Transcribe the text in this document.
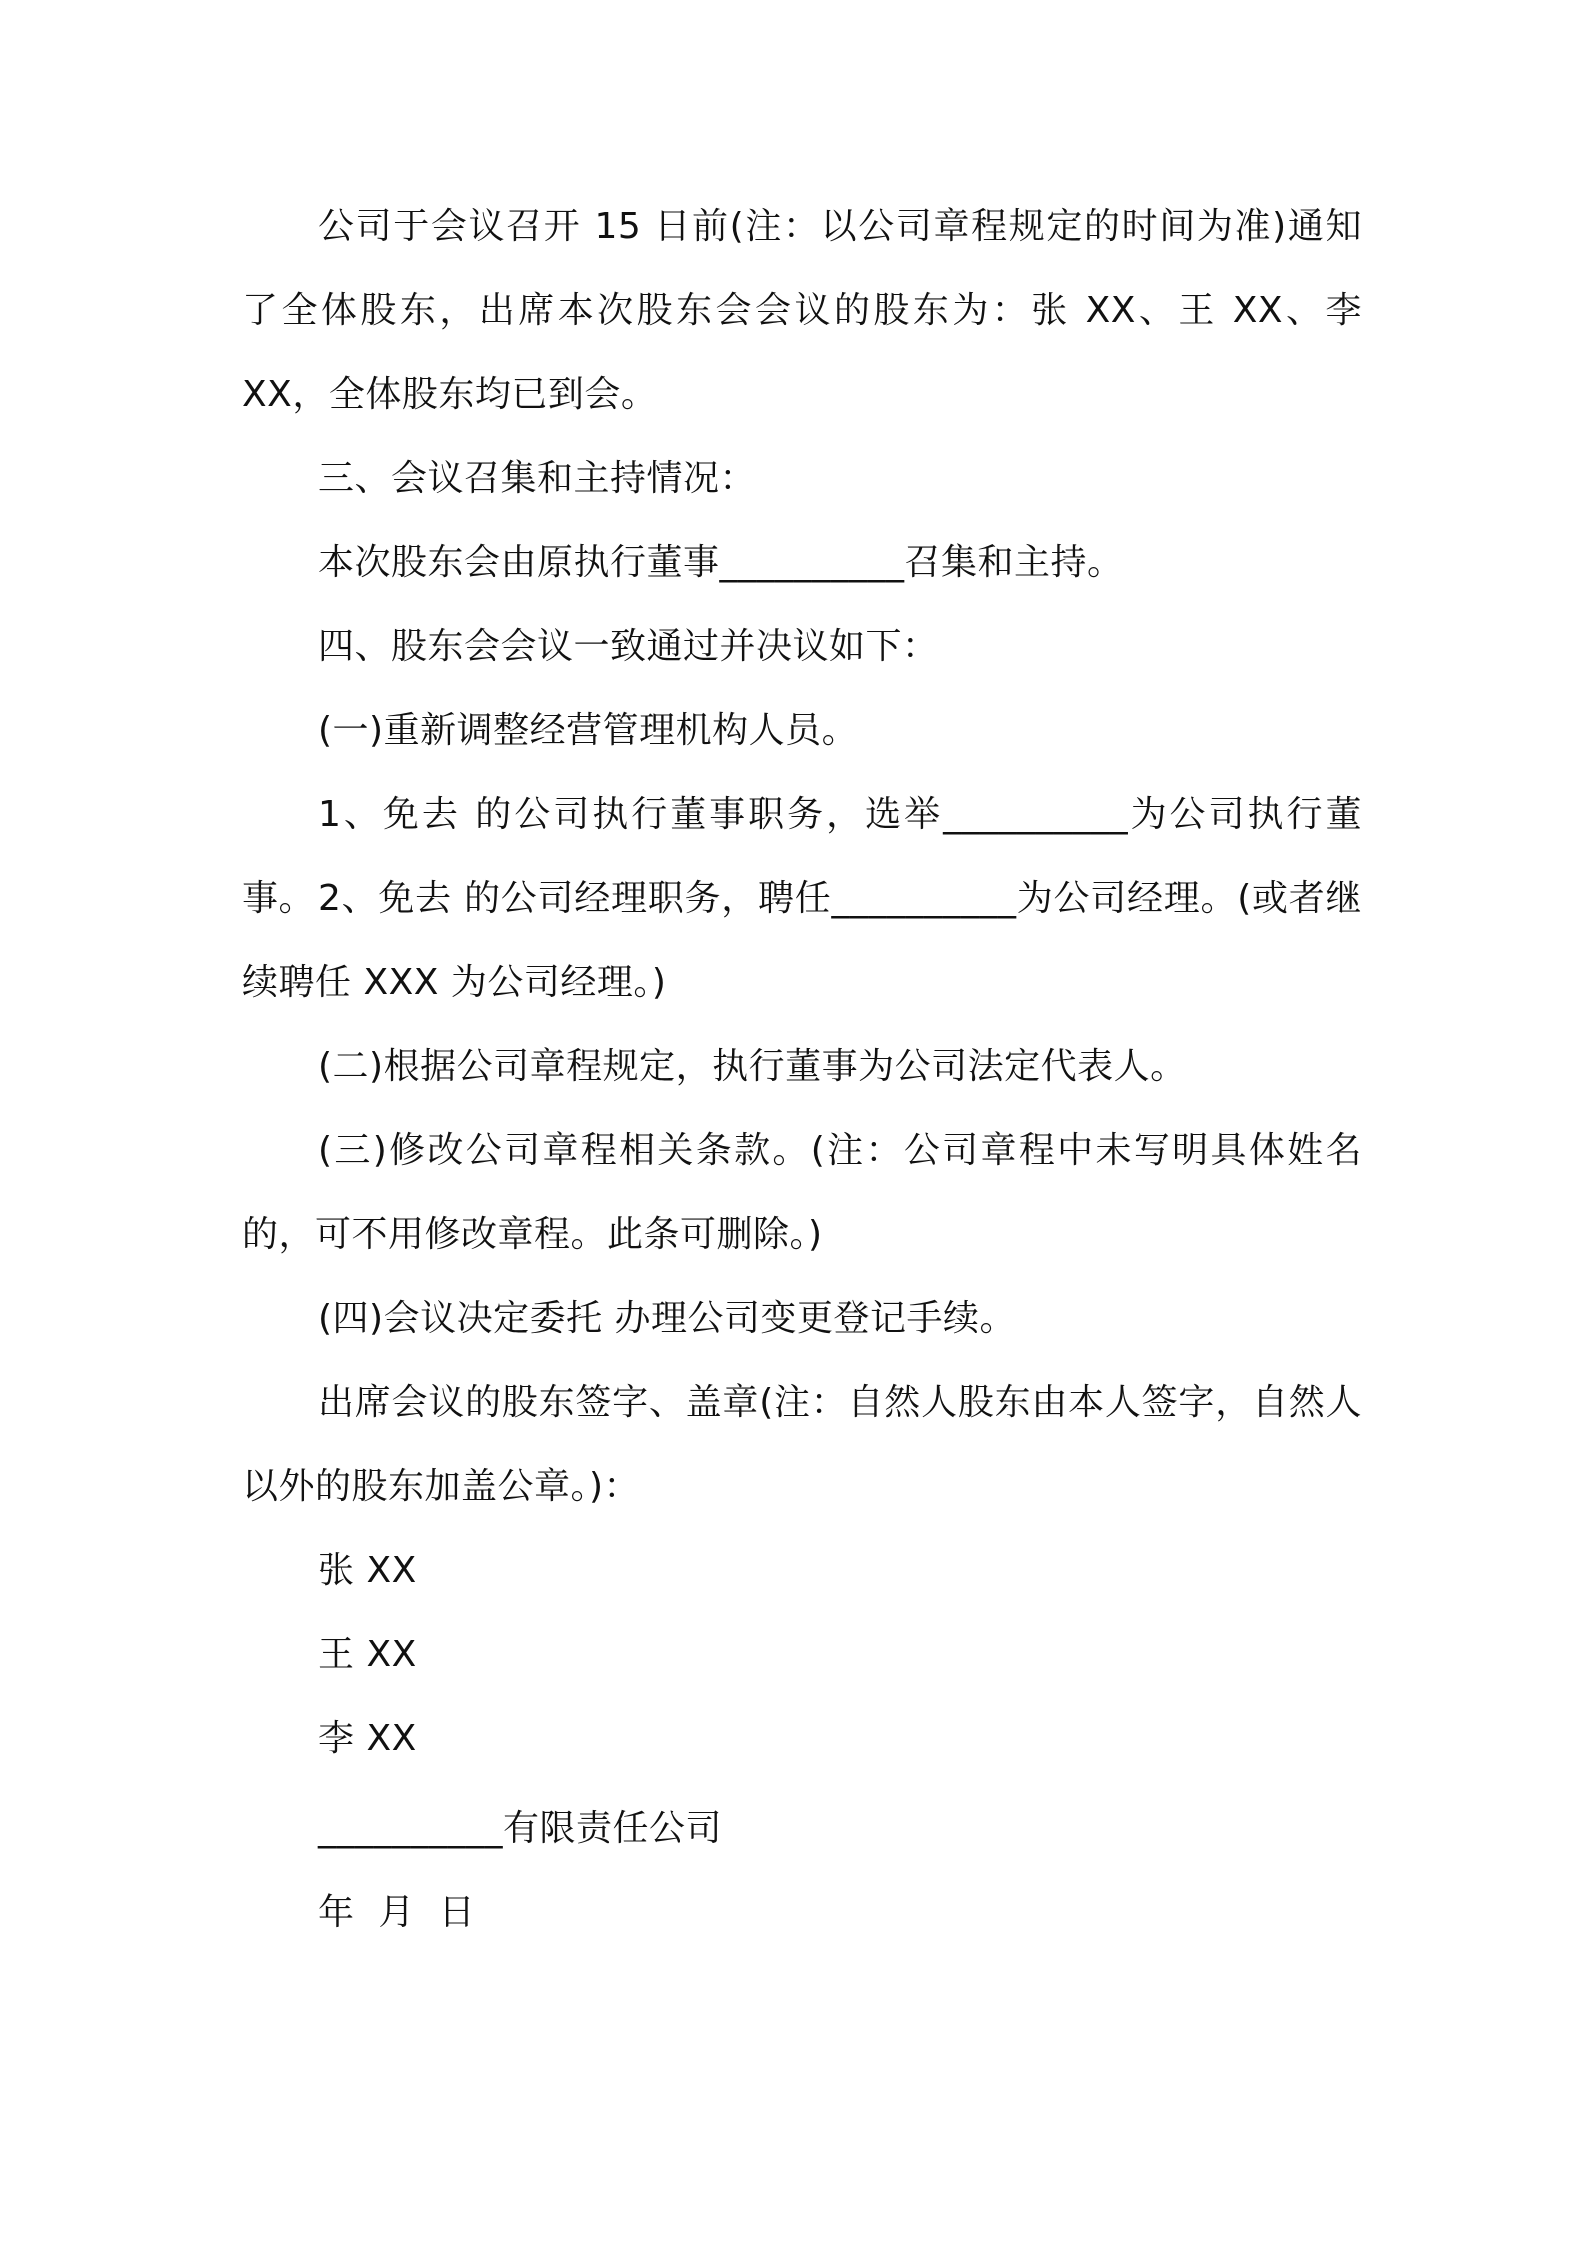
公司于会议召开 15 日前(注：以公司章程规定的时间为准)通知了全体股东，出席本次股东会会议的股东为：张 XX、王 XX、李 XX，全体股东均已到会。
三、会议召集和主持情况：
本次股东会由原执行董事__________召集和主持。
四、股东会会议一致通过并决议如下：
(一)重新调整经营管理机构人员。
1、免去 的公司执行董事职务，选举__________为公司执行董事。 2、免去 的公司经理职务，聘任__________为公司经理。(或者继续聘任 XXX 为公司经理。)
(二)根据公司章程规定，执行董事为公司法定代表人。
(三)修改公司章程相关条款。(注：公司章程中未写明具体姓名的，可不用修改章程。此条可删除。)
(四)会议决定委托 办理公司变更登记手续。
出席会议的股东签字、盖章(注：自然人股东由本人签字，自然人以外的股东加盖公章。)：
张 XX
王 XX
李 XX
__________有限责任公司
年  月  日
